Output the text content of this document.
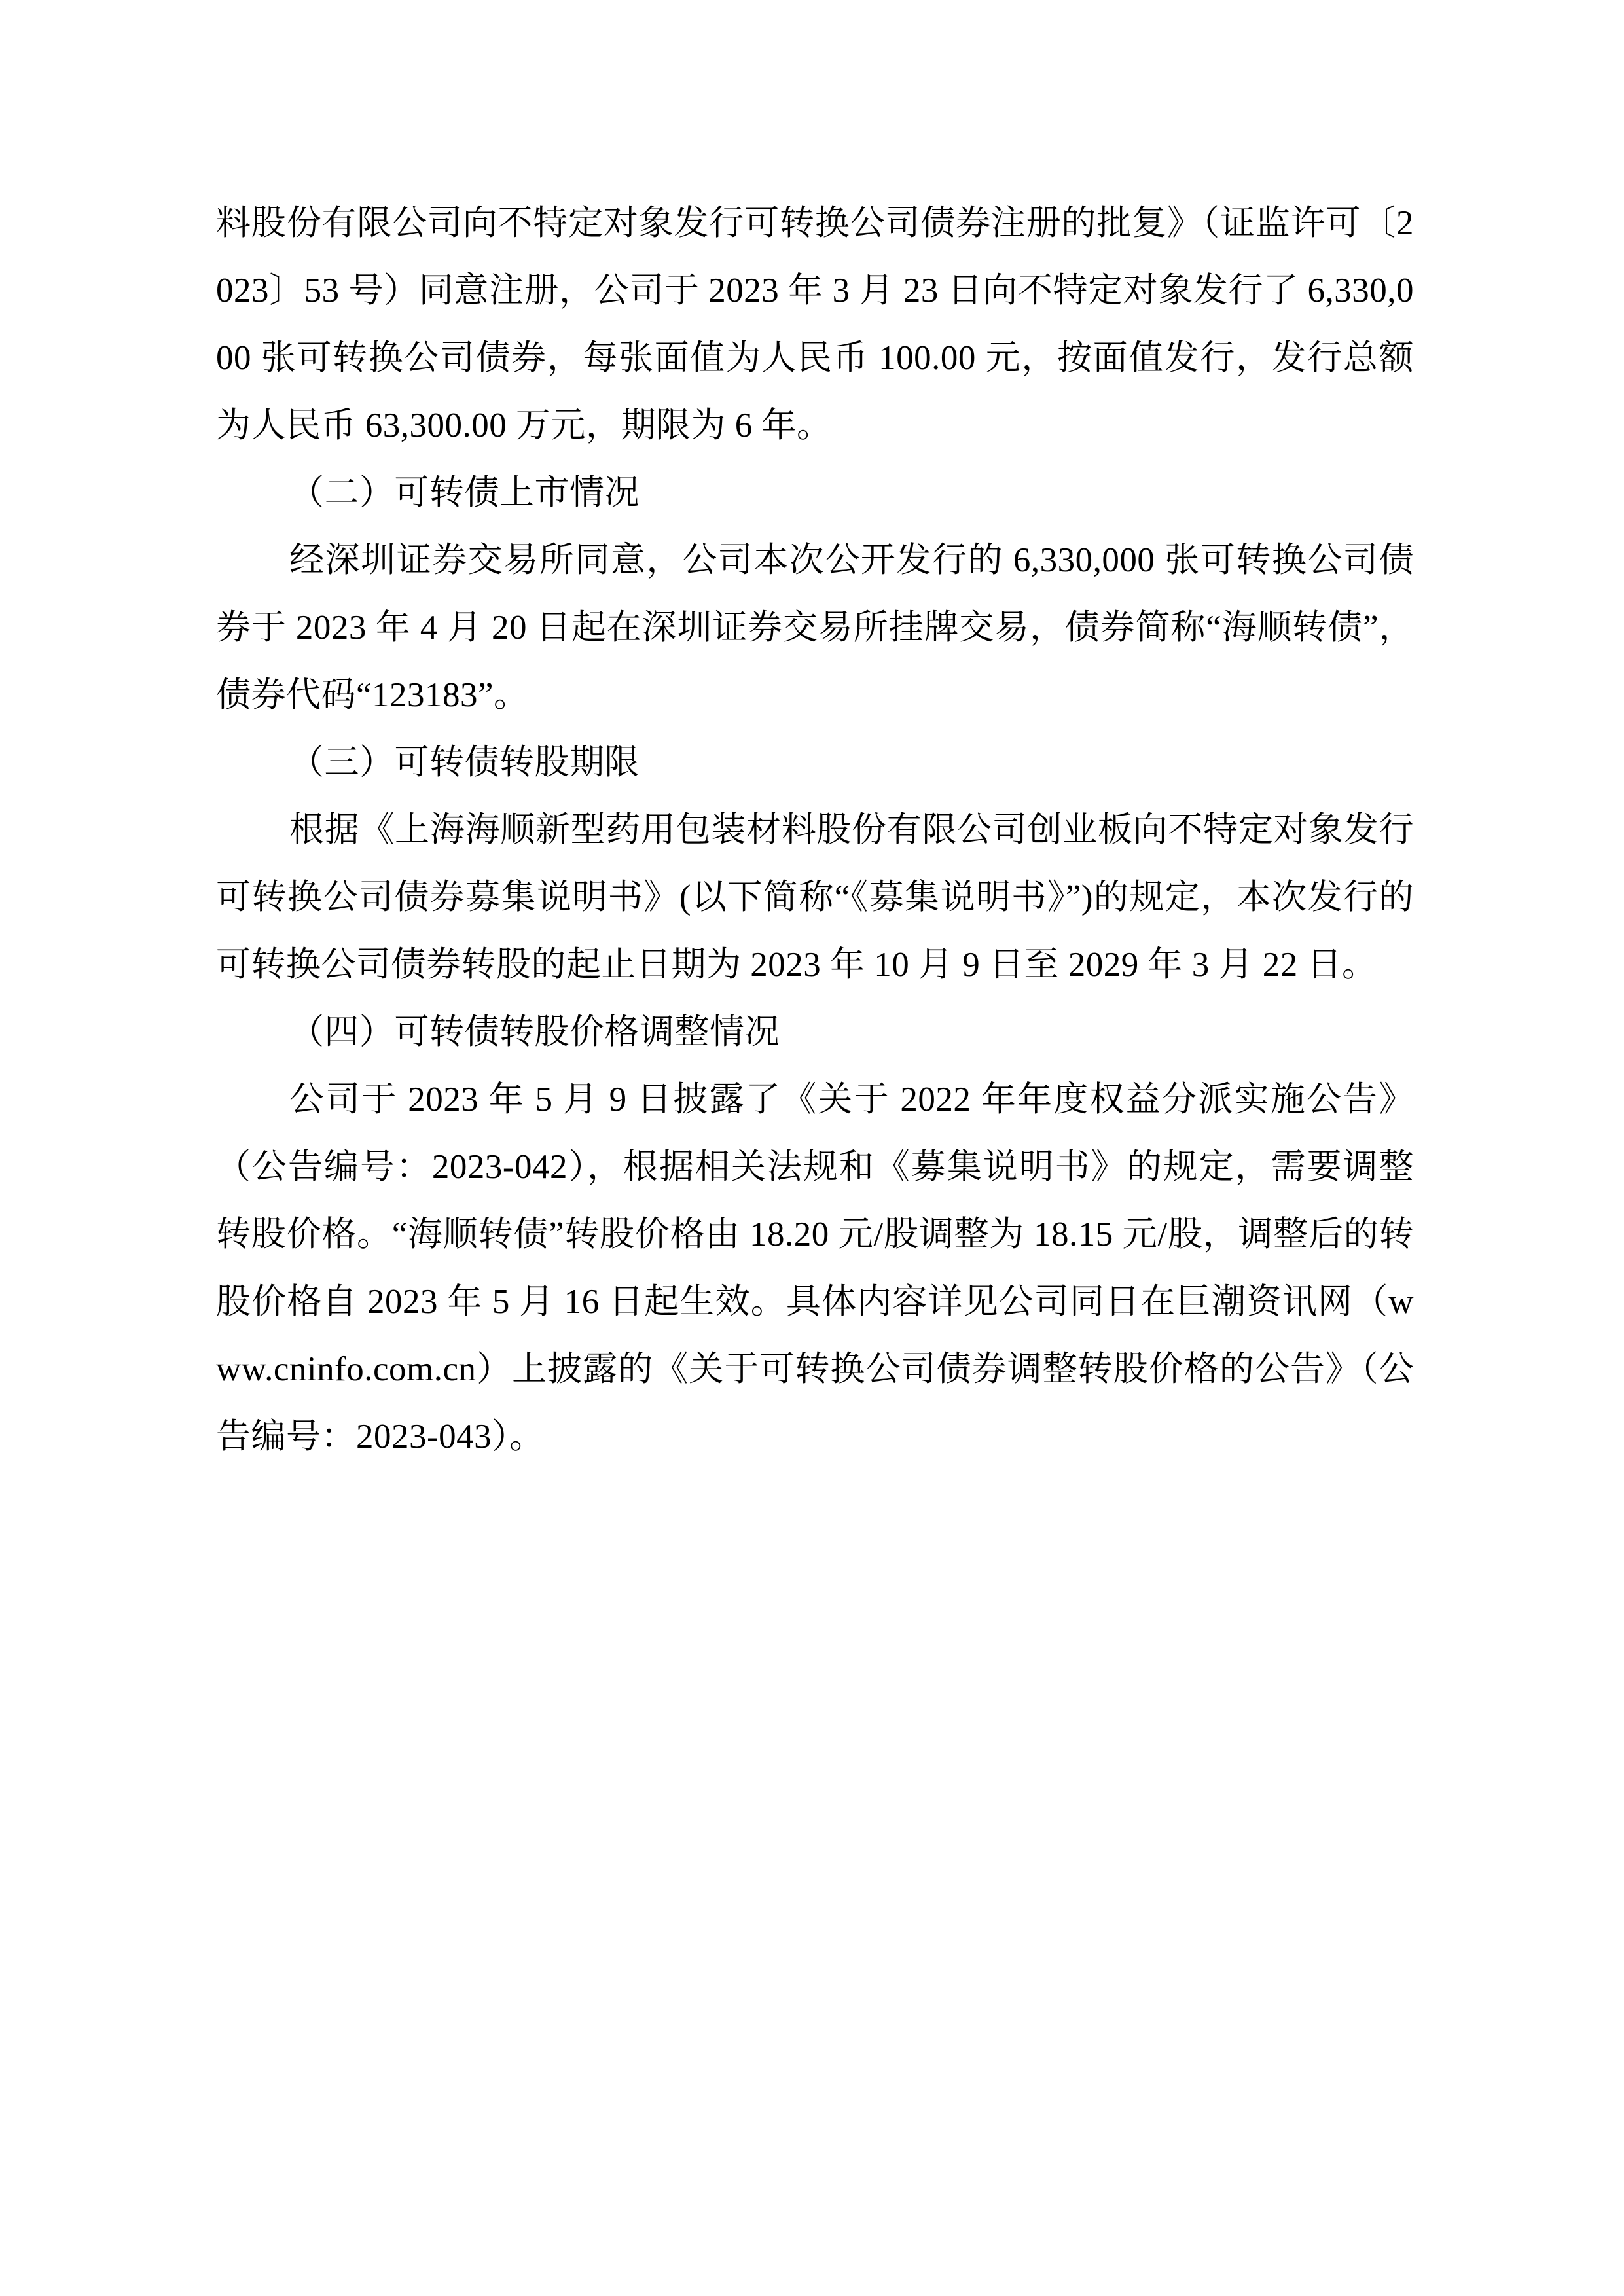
料股份有限公司向不特定对象发行可转换公司债券注册的批复》（证监许可〔2023〕53 号）同意注册，公司于 2023 年 3 月 23 日向不特定对象发行了 6,330,000 张可转换公司债券，每张面值为人民币 100.00 元，按面值发行，发行总额为人民币 63,300.00 万元，期限为 6 年。

（二）可转债上市情况

经深圳证券交易所同意，公司本次公开发行的 6,330,000 张可转换公司债券于 2023 年 4 月 20 日起在深圳证券交易所挂牌交易，债券简称“海顺转债”，债券代码“123183”。

（三）可转债转股期限

根据《上海海顺新型药用包装材料股份有限公司创业板向不特定对象发行可转换公司债券募集说明书》(以下简称“《募集说明书》”)的规定，本次发行的可转换公司债券转股的起止日期为 2023 年 10 月 9 日至 2029 年 3 月 22 日。

（四）可转债转股价格调整情况

公司于 2023 年 5 月 9 日披露了《关于 2022 年年度权益分派实施公告》（公告编号：2023-042），根据相关法规和《募集说明书》的规定，需要调整转股价格。“海顺转债”转股价格由 18.20 元/股调整为 18.15 元/股，调整后的转股价格自 2023 年 5 月 16 日起生效。具体内容详见公司同日在巨潮资讯网（www.cninfo.com.cn）上披露的《关于可转换公司债券调整转股价格的公告》（公告编号：2023-043）。
